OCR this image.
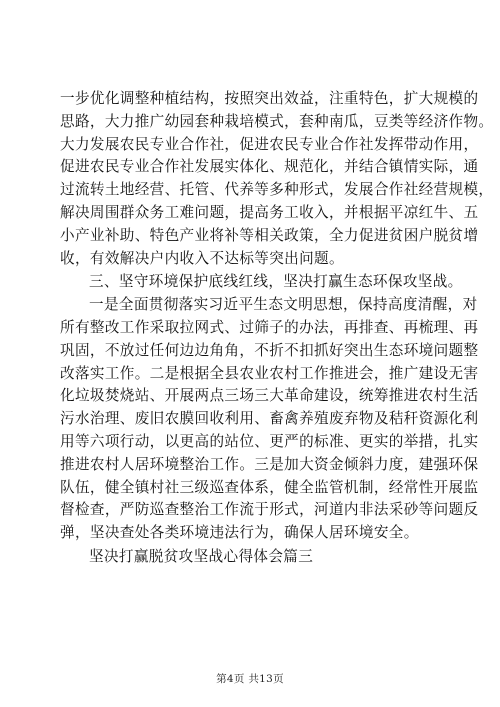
一步优化调整种植结构，按照突出效益，注重特色，扩大规模的
思路，大力推广幼园套种栽培模式，套种南瓜，豆类等经济作物。
大力发展农民专业合作社，促进农民专业合作社发挥带动作用，
促进农民专业合作社发展实体化、规范化，并结合镇情实际，通
过流转土地经营、托管、代养等多种形式，发展合作社经营规模，
解决周围群众务工难问题，提高务工收入，并根据平凉红牛、五
小产业补助、特色产业将补等相关政策，全力促进贫困户脱贫增
收，有效解决户内收入不达标等突出问题。
三、坚守环境保护底线红线，坚决打赢生态环保攻坚战。
一是全面贯彻落实习近平生态文明思想，保持高度清醒，对
所有整改工作采取拉网式、过筛子的办法，再排查、再梳理、再
巩固，不放过任何边边角角，不折不扣抓好突出生态环境问题整
改落实工作。二是根据全县农业农村工作推进会，推广建设无害
化垃圾焚烧站、开展两点三场三大革命建设，统筹推进农村生活
污水治理、废旧农膜回收利用、畜禽养殖废弃物及秸秆资源化利
用等六项行动，以更高的站位、更严的标准、更实的举措，扎实
推进农村人居环境整治工作。三是加大资金倾斜力度，建强环保
队伍，健全镇村社三级巡查体系，健全监管机制，经常性开展监
督检查，严防巡查整治工作流于形式，河道内非法采砂等问题反
弹，坚决查处各类环境违法行为，确保人居环境安全。
坚决打赢脱贫攻坚战心得体会篇三
第4页 共13页
